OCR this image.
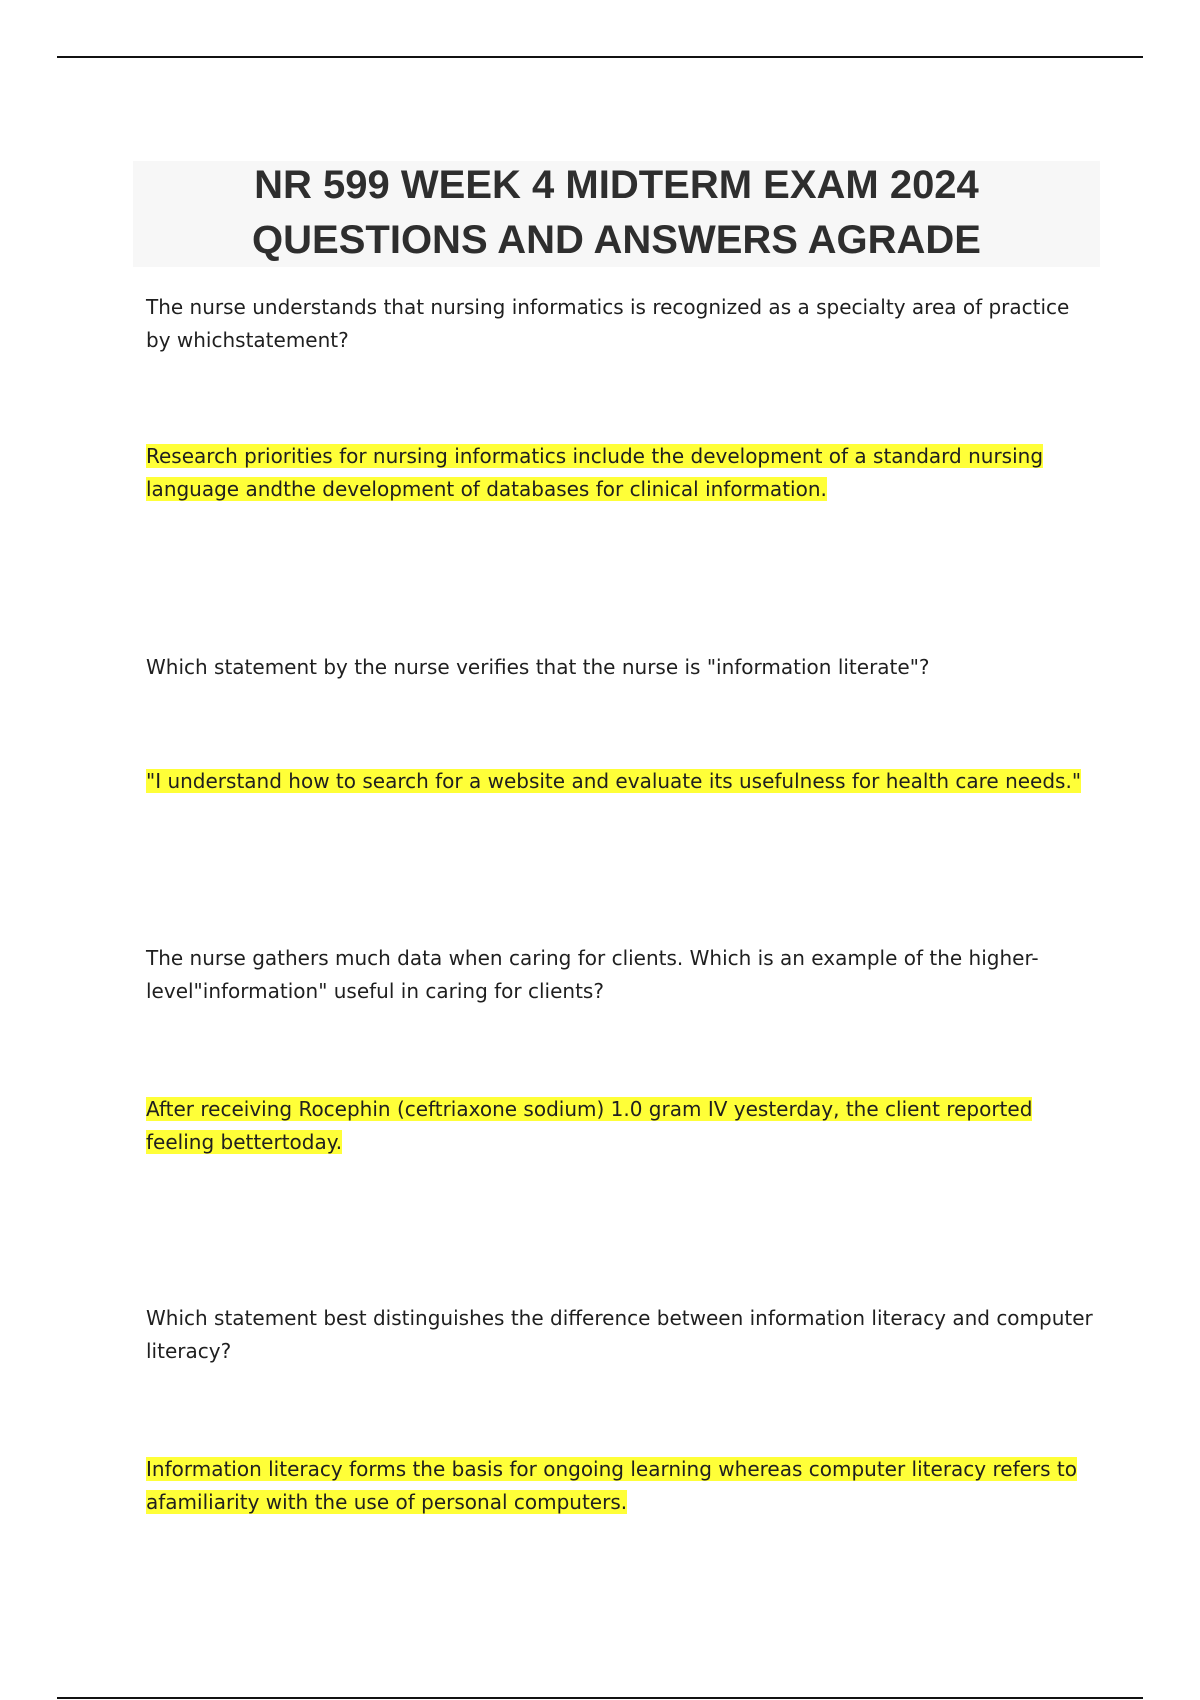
NR 599 WEEK 4 MIDTERM EXAM 2024
QUESTIONS AND ANSWERS AGRADE

The nurse understands that nursing informatics is recognized as a specialty area of practice by whichstatement?

Research priorities for nursing informatics include the development of a standard nursing language andthe development of databases for clinical information.

Which statement by the nurse verifies that the nurse is "information literate"?

"I understand how to search for a website and evaluate its usefulness for health care needs."

The nurse gathers much data when caring for clients. Which is an example of the higher-level"information" useful in caring for clients?

After receiving Rocephin (ceftriaxone sodium) 1.0 gram IV yesterday, the client reported feeling bettertoday.

Which statement best distinguishes the difference between information literacy and computer literacy?

Information literacy forms the basis for ongoing learning whereas computer literacy refers to afamiliarity with the use of personal computers.
